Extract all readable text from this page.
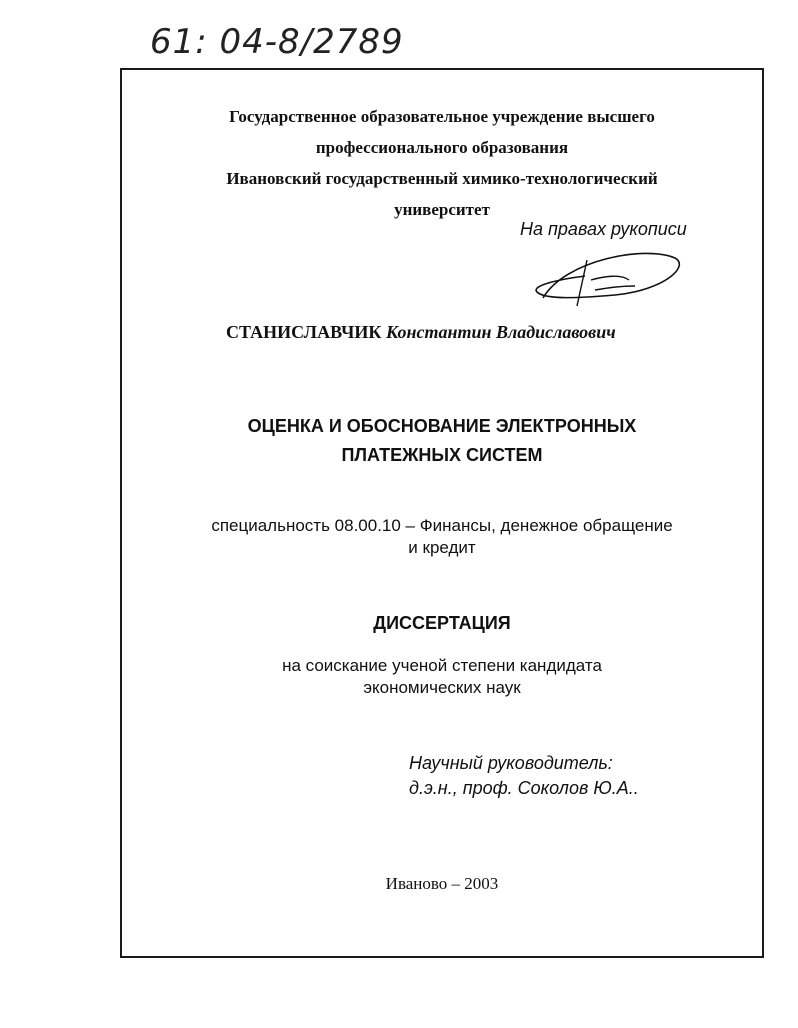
61: 04-8/2789
Государственное образовательное учреждение высшего
профессионального образования
Ивановский государственный химико-технологический
университет
На правах рукописи
СТАНИСЛАВЧИК Константин Владиславович
ОЦЕНКА И ОБОСНОВАНИЕ ЭЛЕКТРОННЫХ
ПЛАТЕЖНЫХ СИСТЕМ
специальность 08.00.10 – Финансы, денежное обращение
и кредит
ДИССЕРТАЦИЯ
на соискание ученой степени кандидата
экономических наук
Научный руководитель:
д.э.н., проф. Соколов Ю.А..
Иваново – 2003
